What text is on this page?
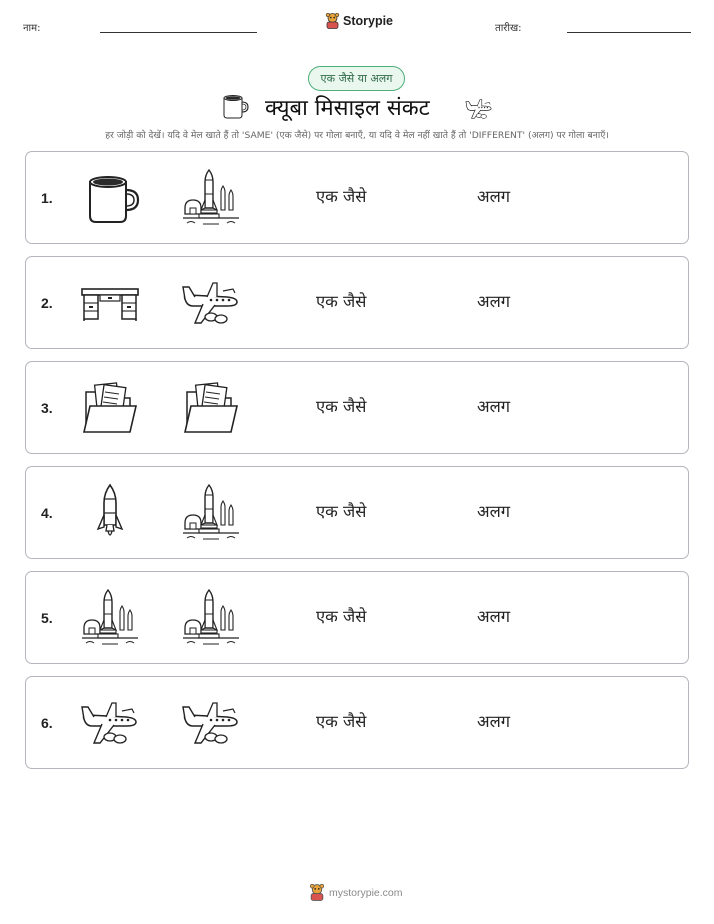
नाम:
Storypie
तारीख:
एक जैसे या अलग
क्यूबा मिसाइल संकट
हर जोड़ी को देखें। यदि वे मेल खाते हैं तो 'SAME' (एक जैसे) पर गोला बनाएँ, या यदि वे मेल नहीं खाते हैं तो 'DIFFERENT' (अलग) पर गोला बनाएँ।
1.	एक जैसे	अलग
2.	एक जैसे	अलग
3.	एक जैसे	अलग
4.	एक जैसे	अलग
5.	एक जैसे	अलग
6.	एक जैसे	अलग
mystorypie.com
